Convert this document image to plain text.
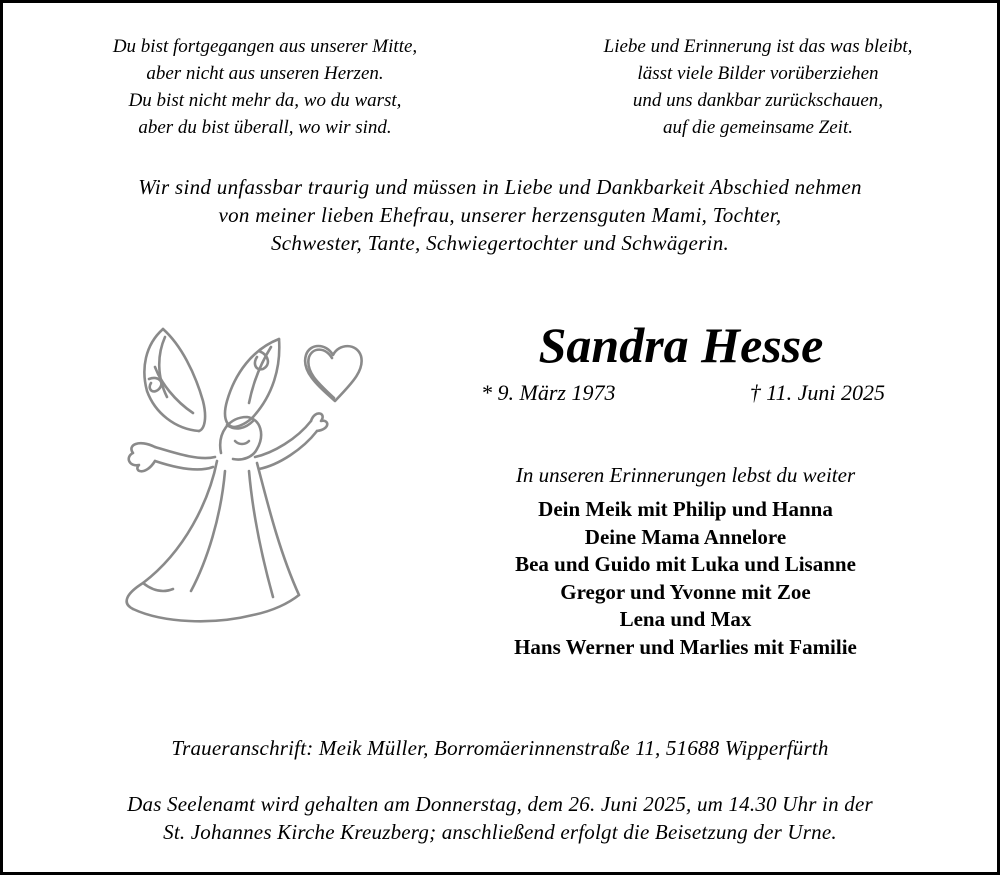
Du bist fortgegangen aus unserer Mitte,
aber nicht aus unseren Herzen.
Du bist nicht mehr da, wo du warst,
aber du bist überall, wo wir sind.
Liebe und Erinnerung ist das was bleibt,
lässt viele Bilder vorüberziehen
und uns dankbar zurückschauen,
auf die gemeinsame Zeit.
Wir sind unfassbar traurig und müssen in Liebe und Dankbarkeit Abschied nehmen
von meiner lieben Ehefrau, unserer herzensguten Mami, Tochter,
Schwester, Tante, Schwiegertochter und Schwägerin.
Sandra Hesse
* 9. März 1973	† 11. Juni 2025
In unseren Erinnerungen lebst du weiter
Dein Meik mit Philip und Hanna
Deine Mama Annelore
Bea und Guido mit Luka und Lisanne
Gregor und Yvonne mit Zoe
Lena und Max
Hans Werner und Marlies mit Familie
Traueranschrift: Meik Müller, Borromäerinnenstraße 11, 51688 Wipperfürth
Das Seelenamt wird gehalten am Donnerstag, dem 26. Juni 2025, um 14.30 Uhr in der
St. Johannes Kirche Kreuzberg; anschließend erfolgt die Beisetzung der Urne.
